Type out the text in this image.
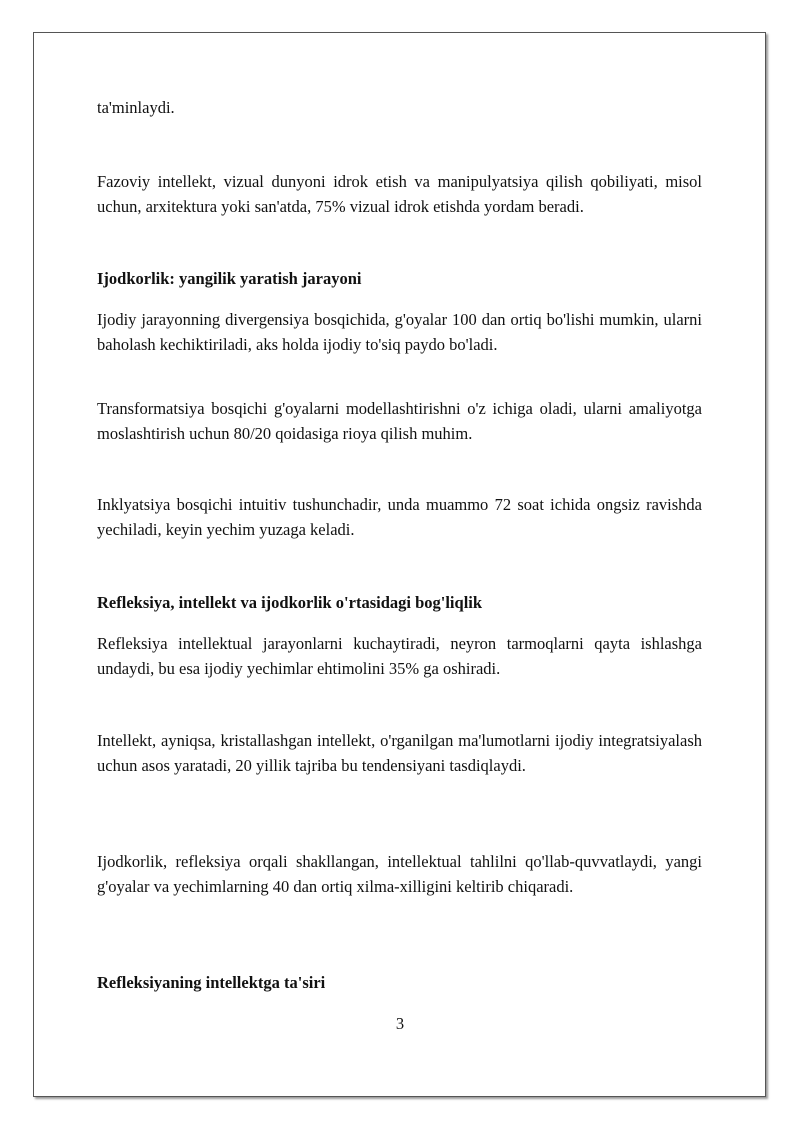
ta'minlaydi.

Fazoviy intellekt, vizual dunyoni idrok etish va manipulyatsiya qilish qobiliyati, misol uchun, arxitektura yoki san'atda, 75% vizual idrok etishda yordam beradi.

Ijodkorlik: yangilik yaratish jarayoni

Ijodiy jarayonning divergensiya bosqichida, g'oyalar 100 dan ortiq bo'lishi mumkin, ularni baholash kechiktiriladi, aks holda ijodiy to'siq paydo bo'ladi.

Transformatsiya bosqichi g'oyalarni modellashtirishni o'z ichiga oladi, ularni amaliyotga moslashtirish uchun 80/20 qoidasiga rioya qilish muhim.

Inklyatsiya bosqichi intuitiv tushunchadir, unda muammo 72 soat ichida ongsiz ravishda yechiladi, keyin yechim yuzaga keladi.

Refleksiya, intellekt va ijodkorlik o'rtasidagi bog'liqlik

Refleksiya intellektual jarayonlarni kuchaytiradi, neyron tarmoqlarni qayta ishlashga undaydi, bu esa ijodiy yechimlar ehtimolini 35% ga oshiradi.

Intellekt, ayniqsa, kristallashgan intellekt, o'rganilgan ma'lumotlarni ijodiy integratsiyalash uchun asos yaratadi, 20 yillik tajriba bu tendensiyani tasdiqlaydi.

Ijodkorlik, refleksiya orqali shakllangan, intellektual tahlilni qo'llab-quvvatlaydi, yangi g'oyalar va yechimlarning 40 dan ortiq xilma-xilligini keltirib chiqaradi.

Refleksiyaning intellektga ta'siri

3
